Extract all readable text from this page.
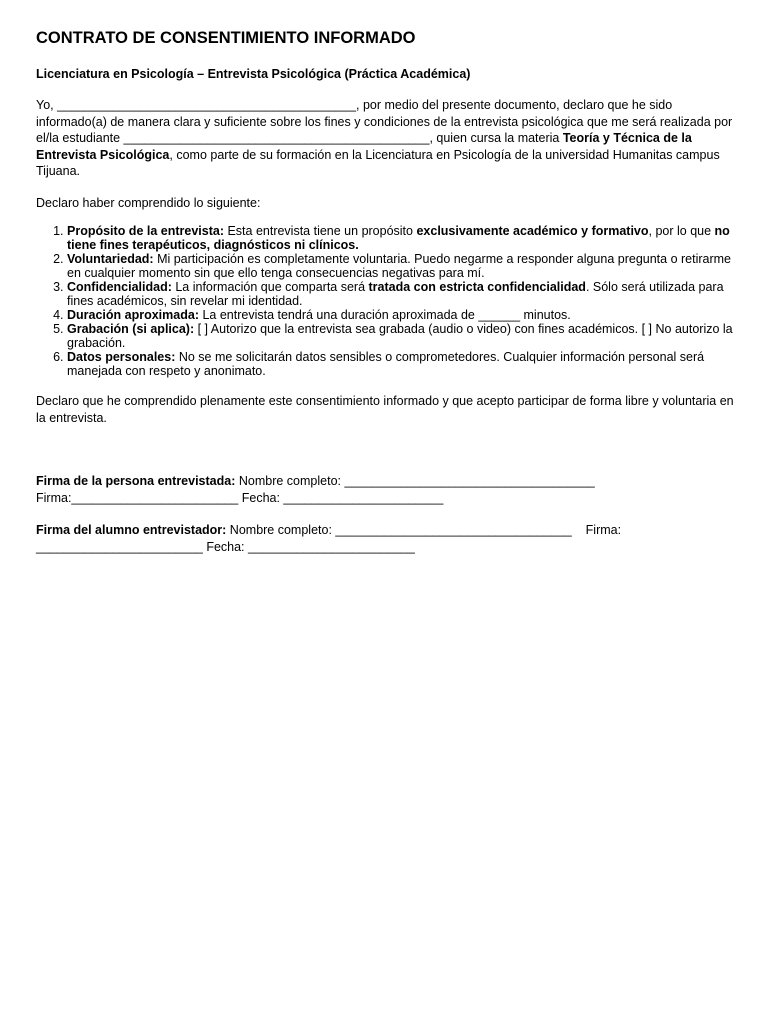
CONTRATO DE CONSENTIMIENTO INFORMADO

Licenciatura en Psicología – Entrevista Psicológica (Práctica Académica)

Yo, ___________________________________________, por medio del presente documento, declaro que he sido informado(a) de manera clara y suficiente sobre los fines y condiciones de la entrevista psicológica que me será realizada por el/la estudiante ____________________________________________, quien cursa la materia Teoría y Técnica de la Entrevista Psicológica, como parte de su formación en la Licenciatura en Psicología de la universidad Humanitas campus Tijuana.

Declaro haber comprendido lo siguiente:

1. Propósito de la entrevista: Esta entrevista tiene un propósito exclusivamente académico y formativo, por lo que no tiene fines terapéuticos, diagnósticos ni clínicos.
2. Voluntariedad: Mi participación es completamente voluntaria. Puedo negarme a responder alguna pregunta o retirarme en cualquier momento sin que ello tenga consecuencias negativas para mí.
3. Confidencialidad: La información que comparta será tratada con estricta confidencialidad. Sólo será utilizada para fines académicos, sin revelar mi identidad.
4. Duración aproximada: La entrevista tendrá una duración aproximada de ______ minutos.
5. Grabación (si aplica): [ ] Autorizo que la entrevista sea grabada (audio o video) con fines académicos. [ ] No autorizo la grabación.
6. Datos personales: No se me solicitarán datos sensibles o comprometedores. Cualquier información personal será manejada con respeto y anonimato.

Declaro que he comprendido plenamente este consentimiento informado y que acepto participar de forma libre y voluntaria en la entrevista.

Firma de la persona entrevistada: Nombre completo: ____________________________________ Firma:________________________ Fecha: _______________________

Firma del alumno entrevistador: Nombre completo: __________________________________    Firma: ________________________ Fecha: ________________________
